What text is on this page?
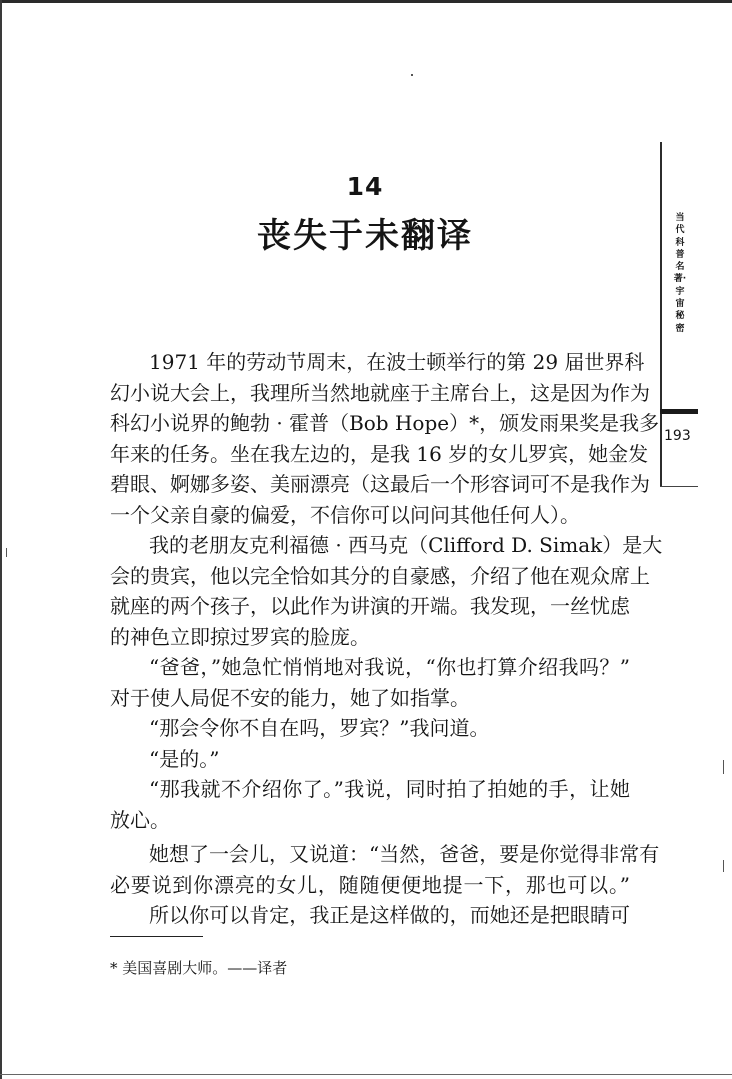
14
丧失于未翻译
1971 年的劳动节周末，在波士顿举行的第 29 届世界科
幻小说大会上，我理所当然地就座于主席台上，这是因为作为
科幻小说界的鲍勃 · 霍普（Bob Hope）*，颁发雨果奖是我多
年来的任务。坐在我左边的，是我 16 岁的女儿罗宾，她金发
碧眼、婀娜多姿、美丽漂亮（这最后一个形容词可不是我作为
一个父亲自豪的偏爱，不信你可以问问其他任何人）。
我的老朋友克利福德 · 西马克（Clifford D. Simak）是大
会的贵宾，他以完全恰如其分的自豪感，介绍了他在观众席上
就座的两个孩子，以此作为讲演的开端。我发现，一丝忧虑
的神色立即掠过罗宾的脸庞。
“爸爸，”她急忙悄悄地对我说，“你也打算介绍我吗？”
对于使人局促不安的能力，她了如指掌。
“那会令你不自在吗，罗宾？”我问道。
“是的。”
“那我就不介绍你了。”我说，同时拍了拍她的手，让她
放心。
她想了一会儿，又说道：“当然，爸爸，要是你觉得非常有
必要说到你漂亮的女儿，随随便便地提一下，那也可以。”
所以你可以肯定，我正是这样做的，而她还是把眼睛可
* 美国喜剧大师。——译者
当代科普名著·宇宙秘密
193
